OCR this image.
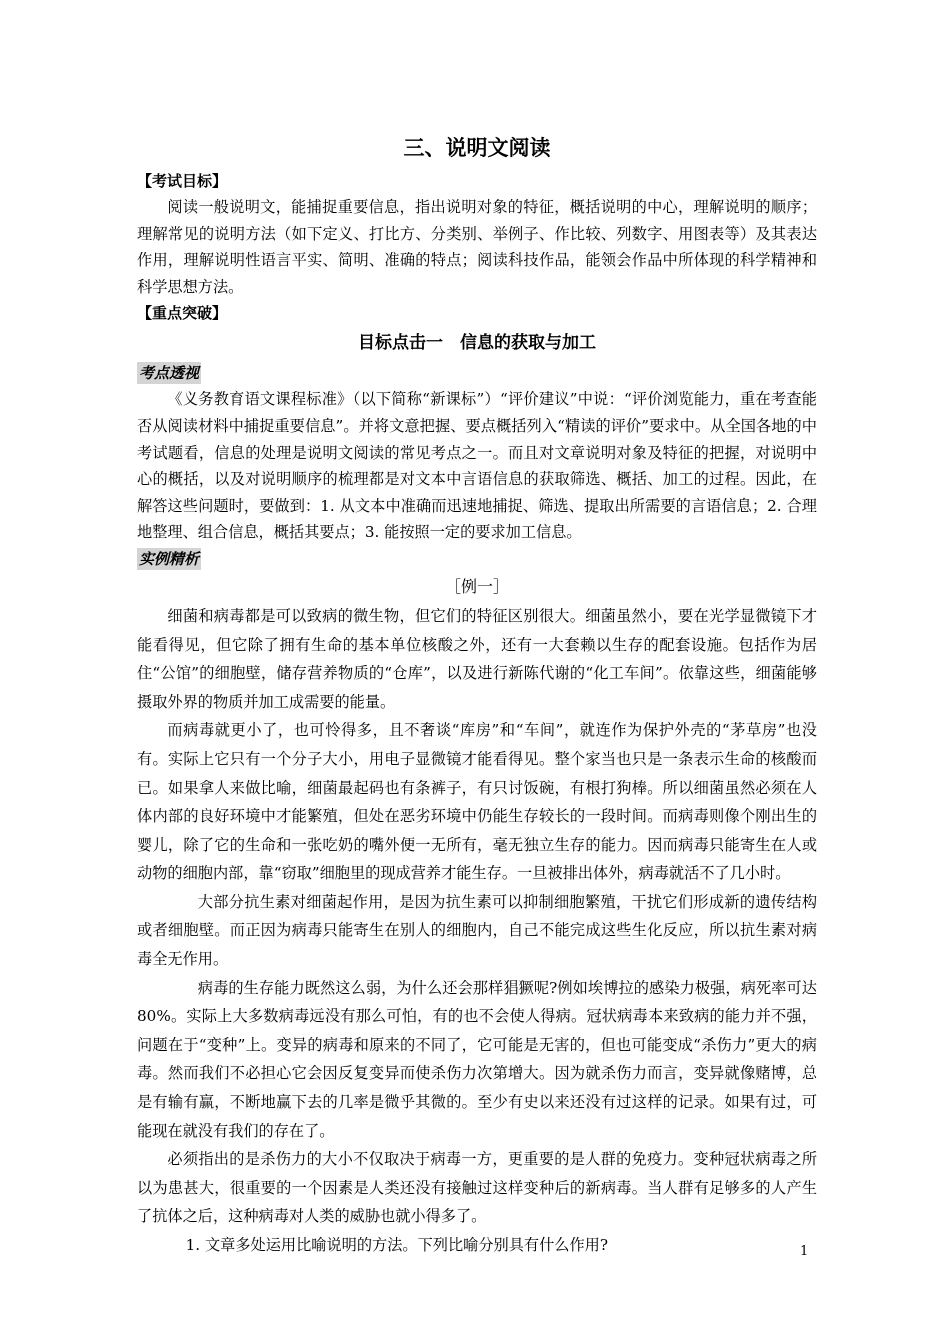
三、说明文阅读
【考试目标】

阅读一般说明文，能捕捉重要信息，指出说明对象的特征，概括说明的中心，理解说明的顺序；理解常见的说明方法（如下定义、打比方、分类别、举例子、作比较、列数字、用图表等）及其表达作用，理解说明性语言平实、简明、准确的特点；阅读科技作品，能领会作品中所体现的科学精神和科学思想方法。

【重点突破】
目标点击一　信息的获取与加工
考点透视

《义务教育语文课程标准》（以下简称“新课标”）“评价建议”中说：“评价浏览能力，重在考查能否从阅读材料中捕捉重要信息”。并将文意把握、要点概括列入“精读的评价”要求中。从全国各地的中考试题看，信息的处理是说明文阅读的常见考点之一。而且对文章说明对象及特征的把握，对说明中心的概括，以及对说明顺序的梳理都是对文本中言语信息的获取筛选、概括、加工的过程。因此，在解答这些问题时，要做到：1. 从文本中准确而迅速地捕捉、筛选、提取出所需要的言语信息；2. 合理地整理、组合信息，概括其要点；3. 能按照一定的要求加工信息。

实例精析
［例一］

细菌和病毒都是可以致病的微生物，但它们的特征区别很大。细菌虽然小，要在光学显微镜下才能看得见，但它除了拥有生命的基本单位核酸之外，还有一大套赖以生存的配套设施。包括作为居住“公馆”的细胞壁，储存营养物质的“仓库”，以及进行新陈代谢的“化工车间”。依靠这些，细菌能够摄取外界的物质并加工成需要的能量。

而病毒就更小了，也可怜得多，且不奢谈“库房”和“车间”，就连作为保护外壳的“茅草房”也没有。实际上它只有一个分子大小，用电子显微镜才能看得见。整个家当也只是一条表示生命的核酸而已。如果拿人来做比喻，细菌最起码也有条裤子，有只讨饭碗，有根打狗棒。所以细菌虽然必须在人体内部的良好环境中才能繁殖，但处在恶劣环境中仍能生存较长的一段时间。而病毒则像个刚出生的婴儿，除了它的生命和一张吃奶的嘴外便一无所有，毫无独立生存的能力。因而病毒只能寄生在人或动物的细胞内部，靠“窃取”细胞里的现成营养才能生存。一旦被排出体外，病毒就活不了几小时。

大部分抗生素对细菌起作用，是因为抗生素可以抑制细胞繁殖，干扰它们形成新的遗传结构或者细胞壁。而正因为病毒只能寄生在别人的细胞内，自己不能完成这些生化反应，所以抗生素对病毒全无作用。

病毒的生存能力既然这么弱，为什么还会那样猖獗呢?例如埃博拉的感染力极强，病死率可达80%。实际上大多数病毒远没有那么可怕，有的也不会使人得病。冠状病毒本来致病的能力并不强，问题在于“变种”上。变异的病毒和原来的不同了，它可能是无害的，但也可能变成“杀伤力”更大的病毒。然而我们不必担心它会因反复变异而使杀伤力次第增大。因为就杀伤力而言，变异就像赌博，总是有输有赢，不断地赢下去的几率是微乎其微的。至少有史以来还没有过这样的记录。如果有过，可能现在就没有我们的存在了。

必须指出的是杀伤力的大小不仅取决于病毒一方，更重要的是人群的免疫力。变种冠状病毒之所以为患甚大，很重要的一个因素是人类还没有接触过这样变种后的新病毒。当人群有足够多的人产生了抗体之后，这种病毒对人类的威胁也就小得多了。

1. 文章多处运用比喻说明的方法。下列比喻分别具有什么作用?	1
